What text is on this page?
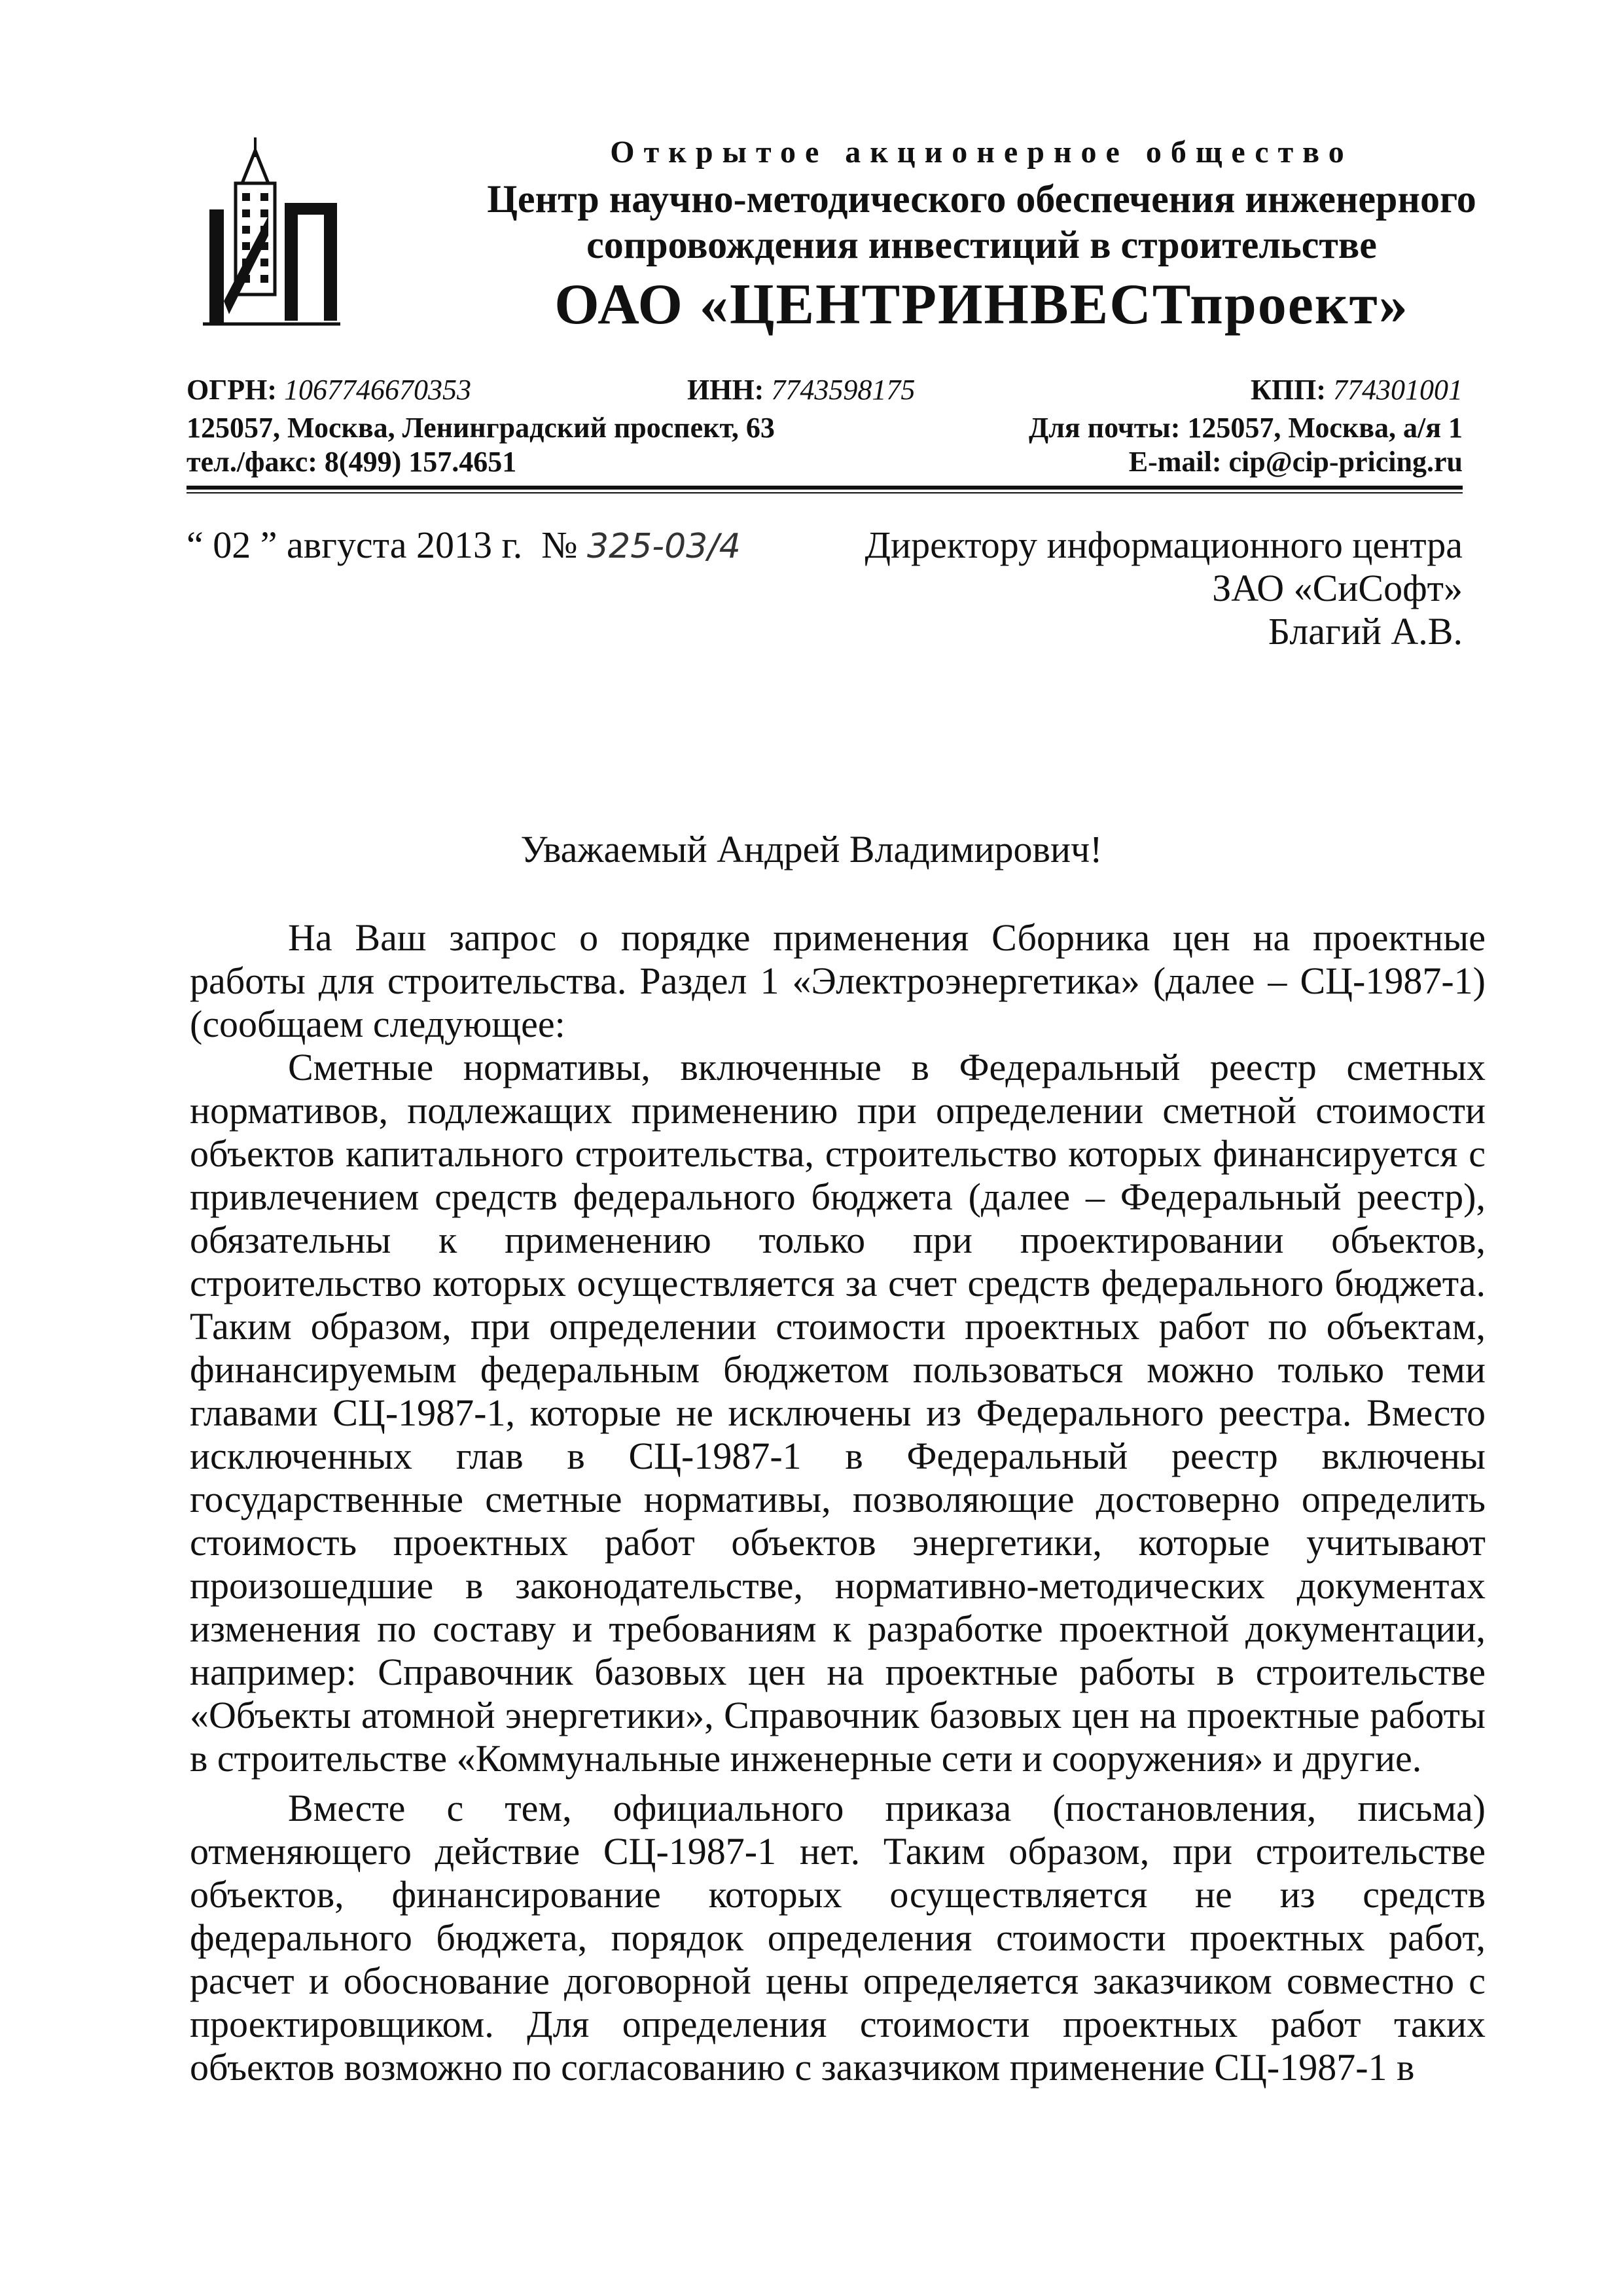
Открытое акционерное общество
Центр научно-методического обеспечения инженерного
сопровождения инвестиций в строительстве
ОАО «ЦЕНТРИНВЕСТпроект»
ОГРН: 1067746670353	ИНН: 7743598175	КПП: 774301001
125057, Москва, Ленинградский проспект, 63	Для почты: 125057, Москва, а/я 1
тел./факс: 8(499) 157.4651	E-mail: cip@cip-pricing.ru
“ 02 ” августа 2013 г. № 325-03/4	Директору информационного центра
ЗАО «СиСофт»
Благий А.В.
Уважаемый Андрей Владимирович!

На Ваш запрос о порядке применения Сборника цен на проектные работы для строительства. Раздел 1 «Электроэнергетика» (далее – СЦ-1987-1) (сообщаем следующее:

Сметные нормативы, включенные в Федеральный реестр сметных нормативов, подлежащих применению при определении сметной стоимости объектов капитального строительства, строительство которых финансируется с привлечением средств федерального бюджета (далее – Федеральный реестр), обязательны к применению только при проектировании объектов, строительство которых осуществляется за счет средств федерального бюджета. Таким образом, при определении стоимости проектных работ по объектам, финансируемым федеральным бюджетом пользоваться можно только теми главами СЦ-1987-1, которые не исключены из Федерального реестра. Вместо исключенных глав в СЦ-1987-1 в Федеральный реестр включены государственные сметные нормативы, позволяющие достоверно определить стоимость проектных работ объектов энергетики, которые учитывают произошедшие в законодательстве, нормативно-методических документах изменения по составу и требованиям к разработке проектной документации, например: Справочник базовых цен на проектные работы в строительстве «Объекты атомной энергетики», Справочник базовых цен на проектные работы в строительстве «Коммунальные инженерные сети и сооружения» и другие.

Вместе с тем, официального приказа (постановления, письма) отменяющего действие СЦ-1987-1 нет. Таким образом, при строительстве объектов, финансирование которых осуществляется не из средств федерального бюджета, порядок определения стоимости проектных работ, расчет и обоснование договорной цены определяется заказчиком совместно с проектировщиком. Для определения стоимости проектных работ таких объектов возможно по согласованию с заказчиком применение СЦ-1987-1 в
